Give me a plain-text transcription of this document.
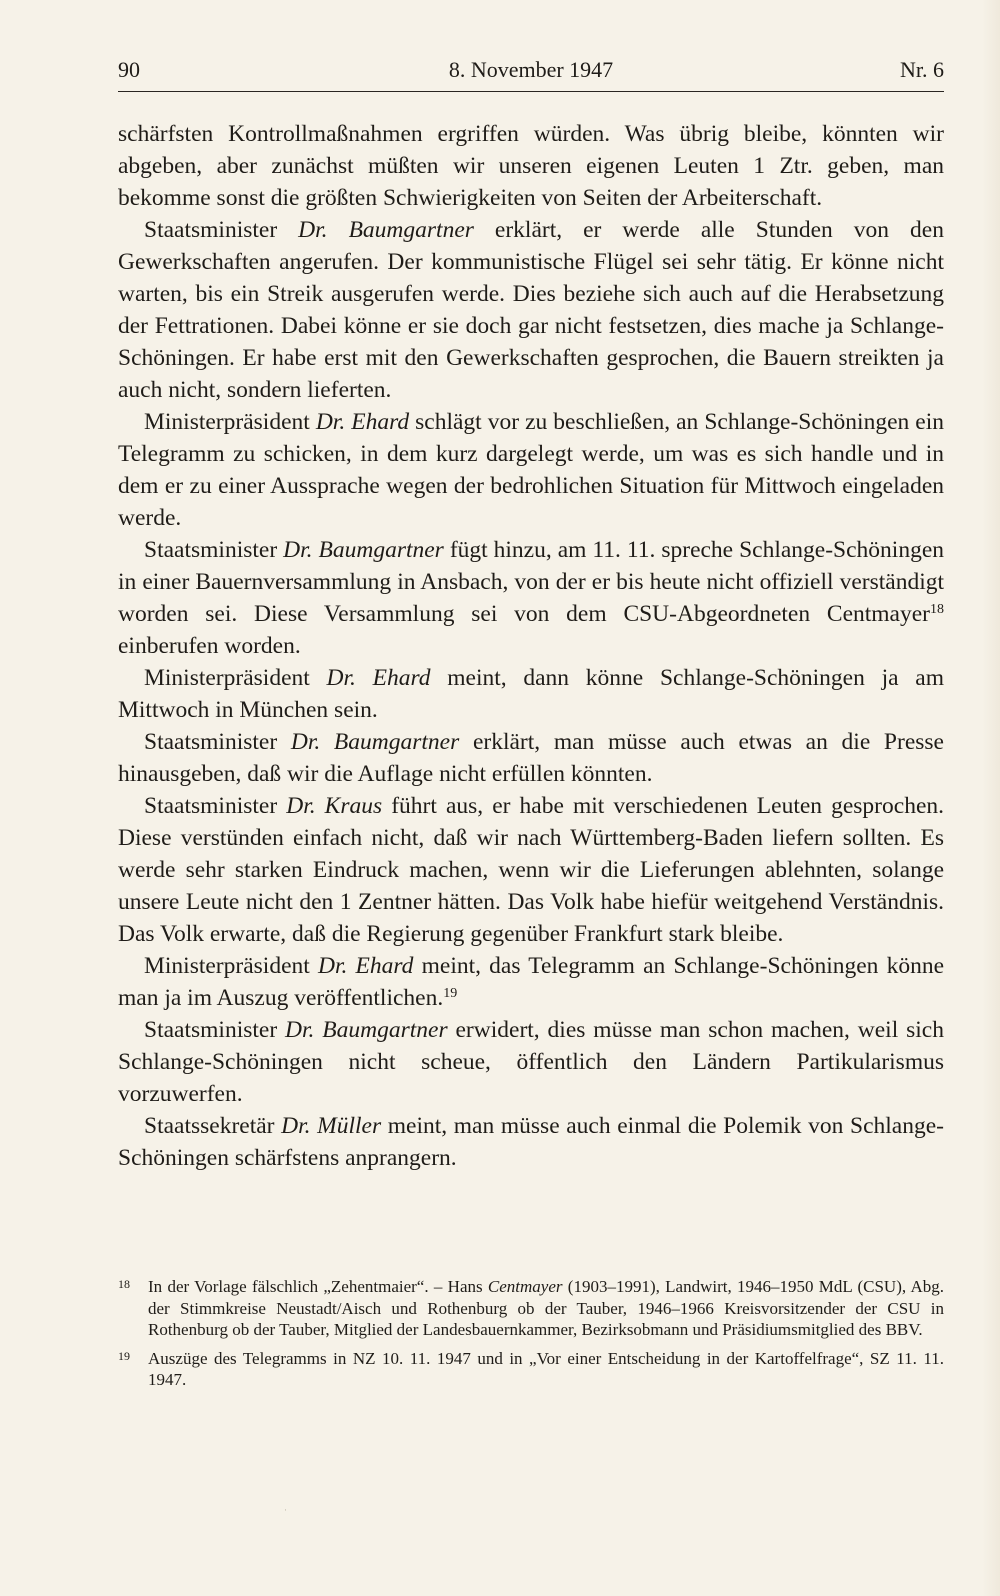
90	8. November 1947	Nr. 6

schärfsten Kontrollmaßnahmen ergriffen würden. Was übrig bleibe, könnten wir abgeben, aber zunächst müßten wir unseren eigenen Leuten 1 Ztr. geben, man bekomme sonst die größten Schwierigkeiten von Seiten der Arbeiterschaft.

Staatsminister Dr. Baumgartner erklärt, er werde alle Stunden von den Gewerkschaften angerufen. Der kommunistische Flügel sei sehr tätig. Er könne nicht warten, bis ein Streik ausgerufen werde. Dies beziehe sich auch auf die Herabsetzung der Fettrationen. Dabei könne er sie doch gar nicht festsetzen, dies mache ja Schlange-Schöningen. Er habe erst mit den Gewerkschaften gesprochen, die Bauern streikten ja auch nicht, sondern lieferten.

Ministerpräsident Dr. Ehard schlägt vor zu beschließen, an Schlange-Schöningen ein Telegramm zu schicken, in dem kurz dargelegt werde, um was es sich handle und in dem er zu einer Aussprache wegen der bedrohlichen Situation für Mittwoch eingeladen werde.

Staatsminister Dr. Baumgartner fügt hinzu, am 11. 11. spreche Schlange-Schöningen in einer Bauernversammlung in Ansbach, von der er bis heute nicht offiziell verständigt worden sei. Diese Versammlung sei von dem CSU-Abgeordneten Centmayer$^{18}$ einberufen worden.

Ministerpräsident Dr. Ehard meint, dann könne Schlange-Schöningen ja am Mittwoch in München sein.

Staatsminister Dr. Baumgartner erklärt, man müsse auch etwas an die Presse hinausgeben, daß wir die Auflage nicht erfüllen könnten.

Staatsminister Dr. Kraus führt aus, er habe mit verschiedenen Leuten gesprochen. Diese verstünden einfach nicht, daß wir nach Württemberg-Baden liefern sollten. Es werde sehr starken Eindruck machen, wenn wir die Lieferungen ablehnten, solange unsere Leute nicht den 1 Zentner hätten. Das Volk habe hiefür weitgehend Verständnis. Das Volk erwarte, daß die Regierung gegenüber Frankfurt stark bleibe.

Ministerpräsident Dr. Ehard meint, das Telegramm an Schlange-Schöningen könne man ja im Auszug veröffentlichen.$^{19}$

Staatsminister Dr. Baumgartner erwidert, dies müsse man schon machen, weil sich Schlange-Schöningen nicht scheue, öffentlich den Ländern Partikularismus vorzuwerfen.

Staatssekretär Dr. Müller meint, man müsse auch einmal die Polemik von Schlange-Schöningen schärfstens anprangern.

18 In der Vorlage fälschlich „Zehentmaier“. – Hans Centmayer (1903–1991), Landwirt, 1946–1950 MdL (CSU), Abg. der Stimmkreise Neustadt/Aisch und Rothenburg ob der Tauber, 1946–1966 Kreisvorsitzender der CSU in Rothenburg ob der Tauber, Mitglied der Landesbauernkammer, Bezirksobmann und Präsidiumsmitglied des BBV.
19 Auszüge des Telegramms in NZ 10. 11. 1947 und in „Vor einer Entscheidung in der Kartoffelfrage“, SZ 11. 11. 1947.
·
